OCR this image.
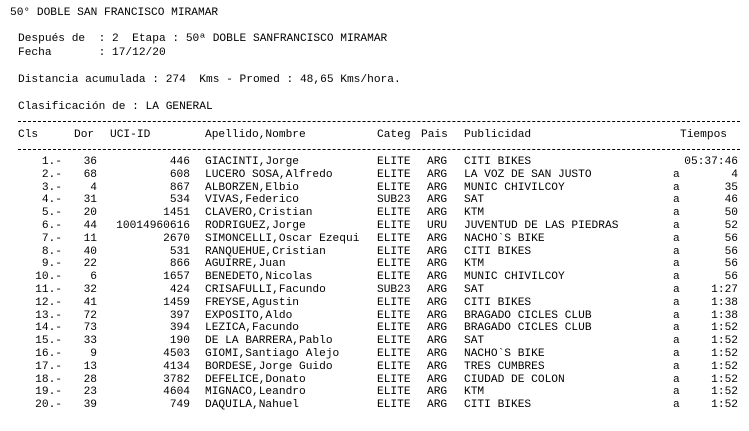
50° DOBLE SAN FRANCISCO MIRAMAR
Después de  : 2  Etapa : 50ª DOBLE SANFRANCISCO MIRAMAR
Fecha       : 17/12/20
Distancia acumulada : 274  Kms - Promed : 48,65 Kms/hora.
Clasificación de : LA GENERAL
Cls	Dor UCI-ID	Apellido,Nombre	Categ Pais Publicidad	Tiempos
1.-	36	446 GIACINTI,Jorge	ELITE ARG CITI BIKES	05:37:46
2.-	68	608 LUCERO SOSA,Alfredo	ELITE ARG LA VOZ DE SAN JUSTO	a	4
3.-	4	867 ALBORZEN,Elbio	ELITE ARG MUNIC CHIVILCOY	a	35
4.-	31	534 VIVAS,Federico	SUB23 ARG SAT	a	46
5.-	20	1451 CLAVERO,Cristian	ELITE ARG KTM	a	50
6.-	44	10014960616 RODRIGUEZ,Jorge	ELITE URU JUVENTUD DE LAS PIEDRAS	a	52
7.-	11	2670 SIMONCELLI,Oscar Ezequi	ELITE ARG NACHO`S BIKE	a	56
8.-	40	531 RANQUEHUE,Cristian	ELITE ARG CITI BIKES	a	56
9.-	22	866 AGUIRRE,Juan	ELITE ARG KTM	a	56
10.-	6	1657 BENEDETO,Nicolas	ELITE ARG MUNIC CHIVILCOY	a	56
11.-	32	424 CRISAFULLI,Facundo	SUB23 ARG SAT	a	1:27
12.-	41	1459 FREYSE,Agustin	ELITE ARG CITI BIKES	a	1:38
13.-	72	397 EXPOSITO,Aldo	ELITE ARG BRAGADO CICLES CLUB	a	1:38
14.-	73	394 LEZICA,Facundo	ELITE ARG BRAGADO CICLES CLUB	a	1:52
15.-	33	190 DE LA BARRERA,Pablo	ELITE ARG SAT	a	1:52
16.-	9	4503 GIOMI,Santiago Alejo	ELITE ARG NACHO`S BIKE	a	1:52
17.-	13	4134 BORDESE,Jorge Guido	ELITE ARG TRES CUMBRES	a	1:52
18.-	28	3782 DEFELICE,Donato	ELITE ARG CIUDAD DE COLON	a	1:52
19.-	23	4604 MIGNACO,Leandro	ELITE ARG KTM	a	1:52
20.-	39	749 DAQUILA,Nahuel	ELITE ARG CITI BIKES	a	1:52
